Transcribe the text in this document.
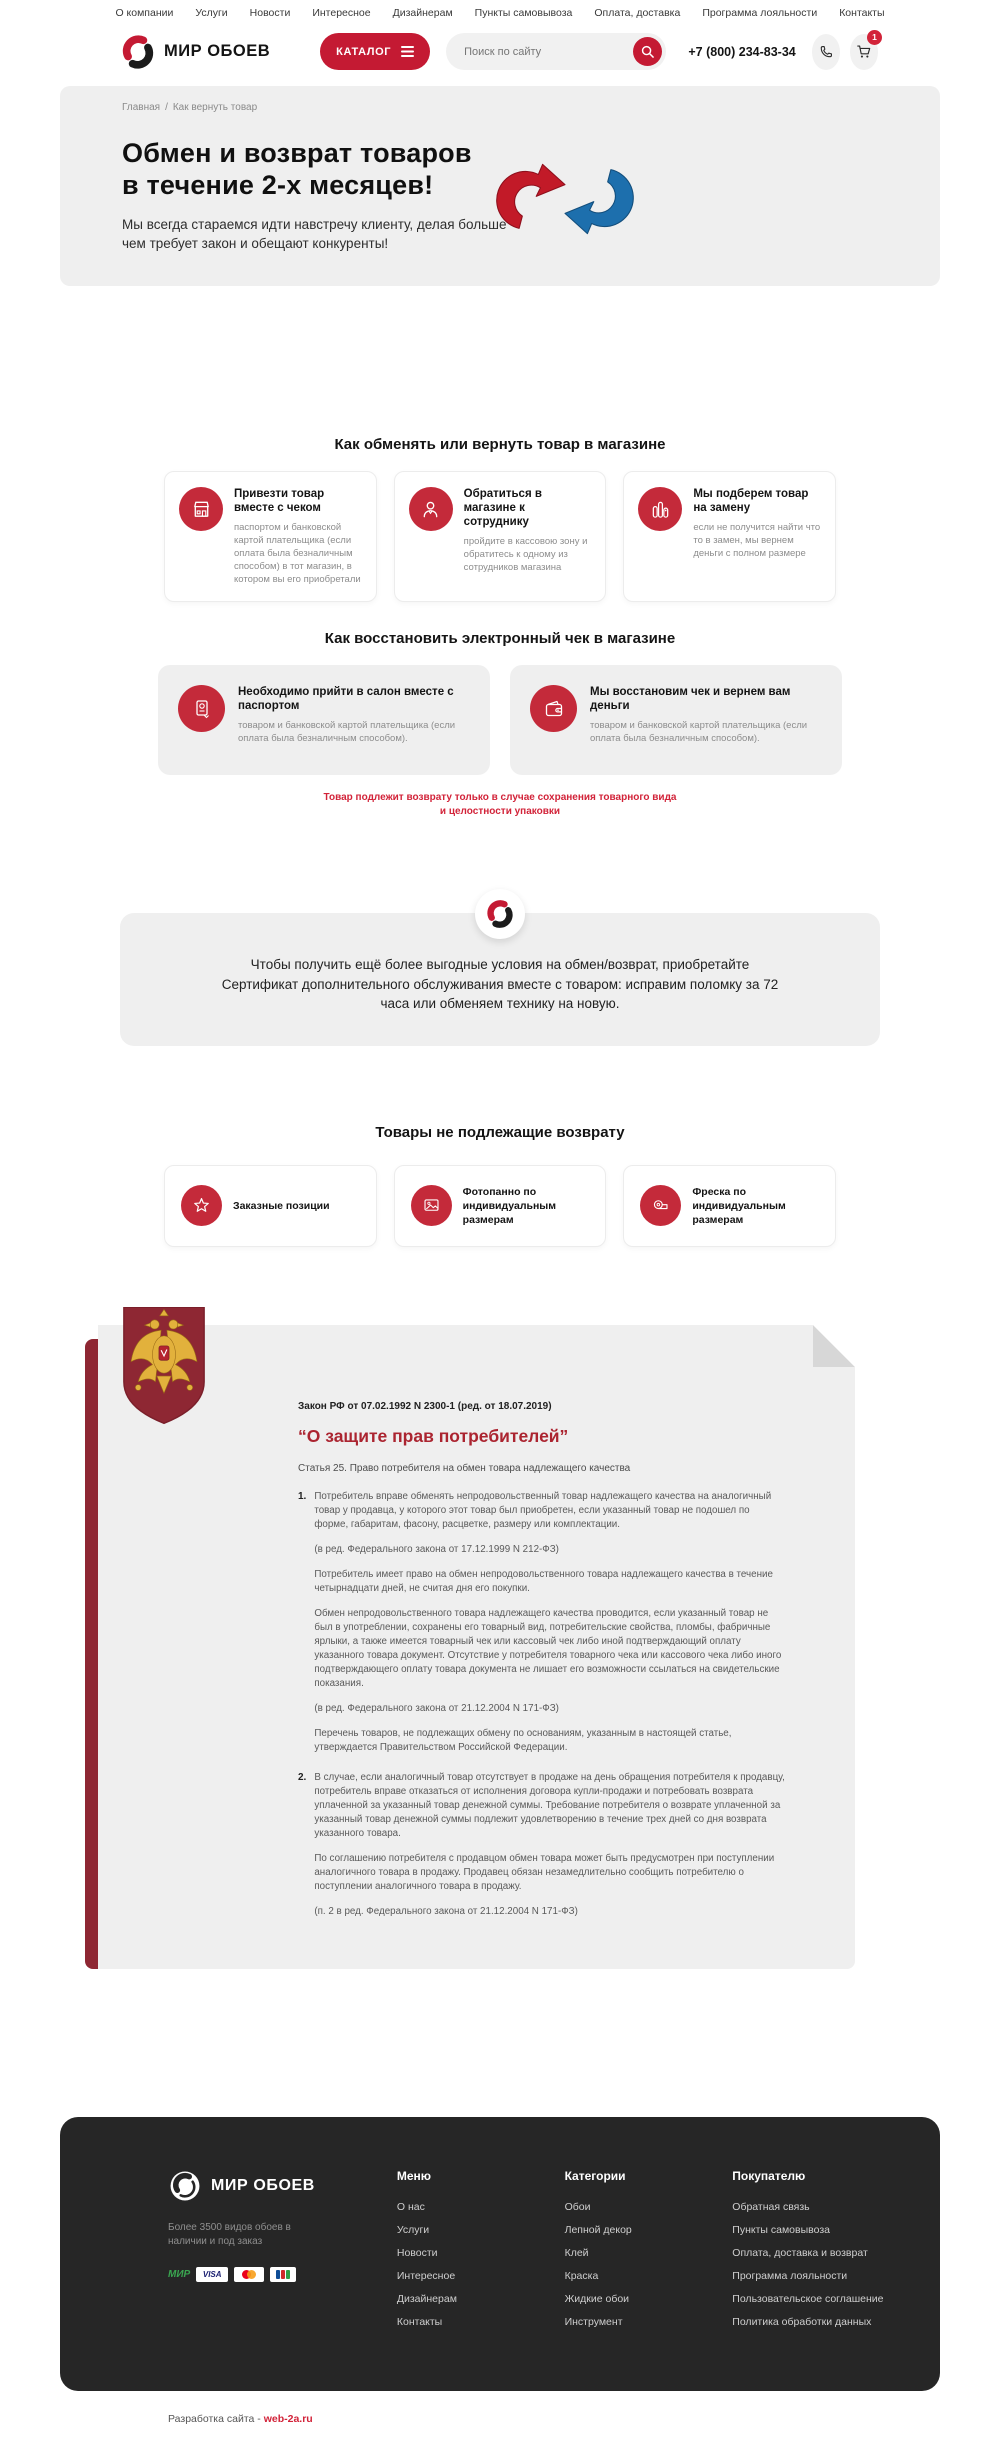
О компании Услуги Новости Интересное Дизайнерам Пункты самовывоза Оплата, доставка Программа лояльности Контакты
МИР ОБОЕВ	КАТАЛОГ
Поиск по сайту	+7 (800) 234-83-34
1
Главная / Как вернуть товар
Обмен и возврат товаров
в течение 2-х месяцев!

Мы всегда стараемся идти навстречу клиенту, делая больше чем требует закон и обещают конкуренты!

Как обменять или вернуть товар в магазине
Привезти товар вместе с чеком
паспортом и банковской картой плательщика (если оплата была безналичным способом) в тот магазин, в котором вы его приобретали
Обратиться в магазине к сотруднику
пройдите в кассовою зону и обратитесь к одному из сотрудников магазина
Мы подберем товар на замену
если не получится найти что то в замен, мы вернем деньги с полном размере
Как восстановить электронный чек в магазине
Необходимо прийти в салон вместе с паспортом
товаром и банковской картой плательщика (если оплата была безналичным способом).
Мы восстановим чек и вернем вам деньги
товаром и банковской картой плательщика (если оплата была безналичным способом).
Товар подлежит возврату только в случае сохранения товарного вида
и целостности упаковки

Чтобы получить ещё более выгодные условия на обмен/возврат, приобретайте Сертификат дополнительного обслуживания вместе с товаром: исправим поломку за 72 часа или обменяем технику на новую.

Товары не подлежащие возврату
Заказные позиции
Фотопанно по индивидуальным размерам
Фреска по индивидуальным размерам
Закон РФ от 07.02.1992 N 2300-1 (ред. от 18.07.2019)
“О защите прав потребителей”
Статья 25. Право потребителя на обмен товара надлежащего качества
1. Потребитель вправе обменять непродовольственный товар надлежащего качества на аналогичный товар у продавца, у которого этот товар был приобретен, если указанный товар не подошел по форме, габаритам, фасону, расцветке, размеру или комплектации.

(в ред. Федерального закона от 17.12.1999 N 212-ФЗ)

Потребитель имеет право на обмен непродовольственного товара надлежащего качества в течение четырнадцати дней, не считая дня его покупки.

Обмен непродовольственного товара надлежащего качества проводится, если указанный товар не был в употреблении, сохранены его товарный вид, потребительские свойства, пломбы, фабричные ярлыки, а также имеется товарный чек или кассовый чек либо иной подтверждающий оплату указанного товара документ. Отсутствие у потребителя товарного чека или кассового чека либо иного подтверждающего оплату товара документа не лишает его возможности ссылаться на свидетельские показания.

(в ред. Федерального закона от 21.12.2004 N 171-ФЗ)

Перечень товаров, не подлежащих обмену по основаниям, указанным в настоящей статье, утверждается Правительством Российской Федерации.

2. В случае, если аналогичный товар отсутствует в продаже на день обращения потребителя к продавцу, потребитель вправе отказаться от исполнения договора купли-продажи и потребовать возврата уплаченной за указанный товар денежной суммы. Требование потребителя о возврате уплаченной за указанный товар денежной суммы подлежит удовлетворению в течение трех дней со дня возврата указанного товара.

По соглашению потребителя с продавцом обмен товара может быть предусмотрен при поступлении аналогичного товара в продажу. Продавец обязан незамедлительно сообщить потребителю о поступлении аналогичного товара в продажу.

(п. 2 в ред. Федерального закона от 21.12.2004 N 171-ФЗ)

МИР ОБОЕВ

Более 3500 видов обоев в наличии и под заказ

МИР	VISA
Меню
О нас
Услуги
Новости
Интересное
Дизайнерам
Контакты
Категории
Обои
Лепной декор
Клей
Краска
Жидкие обои
Инструмент
Покупателю
Обратная связь
Пункты самовывоза
Оплата, доставка и возврат
Программа лояльности
Пользовательское соглашение
Политика обработки данных
Разработка сайта - web-2a.ru
